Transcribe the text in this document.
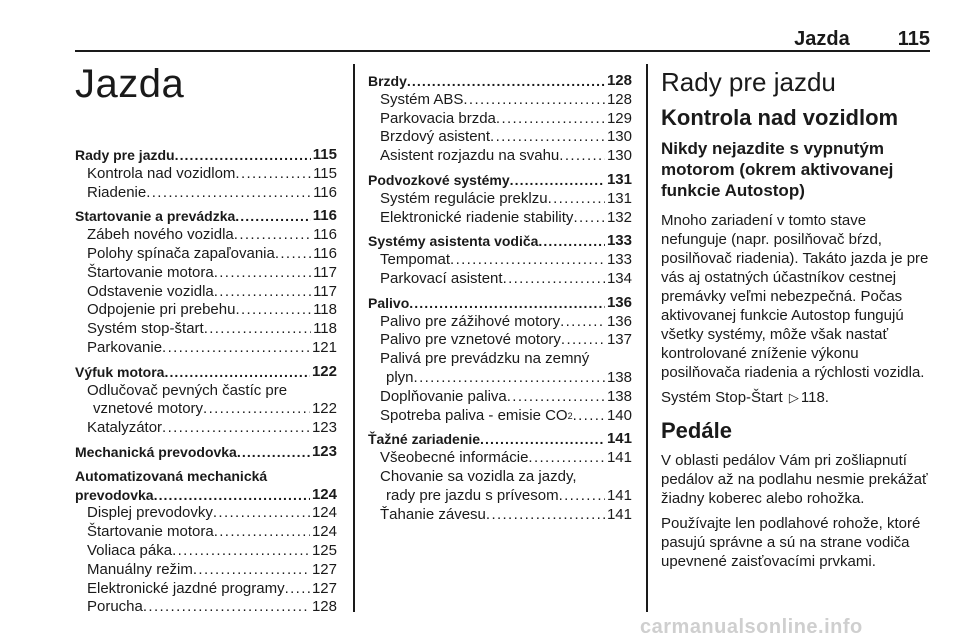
Jazda 115
Jazda
Rady pre jazdu . . .	115
Kontrola nad vozidlom . . .	115
Riadenie . . .	116
Startovanie a prevádzka . . .	116
Zábeh nového vozidla . . .	116
Polohy spínača zapaľovania . . .	116
Štartovanie motora . . .	117
Odstavenie vozidla . . .	117
Odpojenie pri prebehu . . .	118
Systém stop-štart . . .	118
Parkovanie . . .	121
Výfuk motora . . .	122
Odlučovač pevných častíc pre
vznetové motory . . .	122
Katalyzátor . . .	123
Mechanická prevodovka . . .	123
Automatizovaná mechanická
prevodovka . . .	124
Displej prevodovky . . .	124
Štartovanie motora . . .	124
Voliaca páka . . .	125
Manuálny režim . . .	127
Elektronické jazdné programy . . . 127
Porucha . . .	128
Brzdy . . .	128
Systém ABS . . .	128
Parkovacia brzda . . .	129
Brzdový asistent . . .	130
Asistent rozjazdu na svahu . . .	130
Podvozkové systémy . . .	131
Systém regulácie preklzu . . .	131
Elektronické riadenie stability . . . 132
Systémy asistenta vodiča . . .	133
Tempomat . . .	133
Parkovací asistent . . .	134
Palivo . . .	136
Palivo pre zážihové motory . . .	136
Palivo pre vznetové motory . . .	137
Palivá pre prevádzku na zemný
plyn . . .	138
Doplňovanie paliva . . .	138
Spotreba paliva - emisie CO 2 . . . 140
Ťažné zariadenie . . .	141
Všeobecné informácie . . .	141
Chovanie sa vozidla za jazdy,
rady pre jazdu s prívesom . . .	141
Ťahanie závesu . . .	141
Rady pre jazdu
Kontrola nad vozidlom
Nikdy nejazdite s vypnutým motorom (okrem aktivovanej funkcie Autostop)

Mnoho zariadení v tomto stave nefunguje (napr. posilňovač bŕzd, posilňovač riadenia). Takáto jazda je pre vás aj ostatných účastníkov cestnej premávky veľmi nebezpečná. Počas aktivovanej funkcie Autostop fungujú všetky systémy, môže však nastať kontrolované zníženie výkonu posilňovača riadenia a rýchlosti vozidla.

Systém Stop-Štart ▷ 118.

Pedále

V oblasti pedálov Vám pri zošliapnutí pedálov až na podlahu nesmie prekážať žiadny koberec alebo rohožka.

Používajte len podlahové rohože, ktoré pasujú správne a sú na strane vodiča upevnené zaisťovacími prvkami.

carmanualsonline.info
